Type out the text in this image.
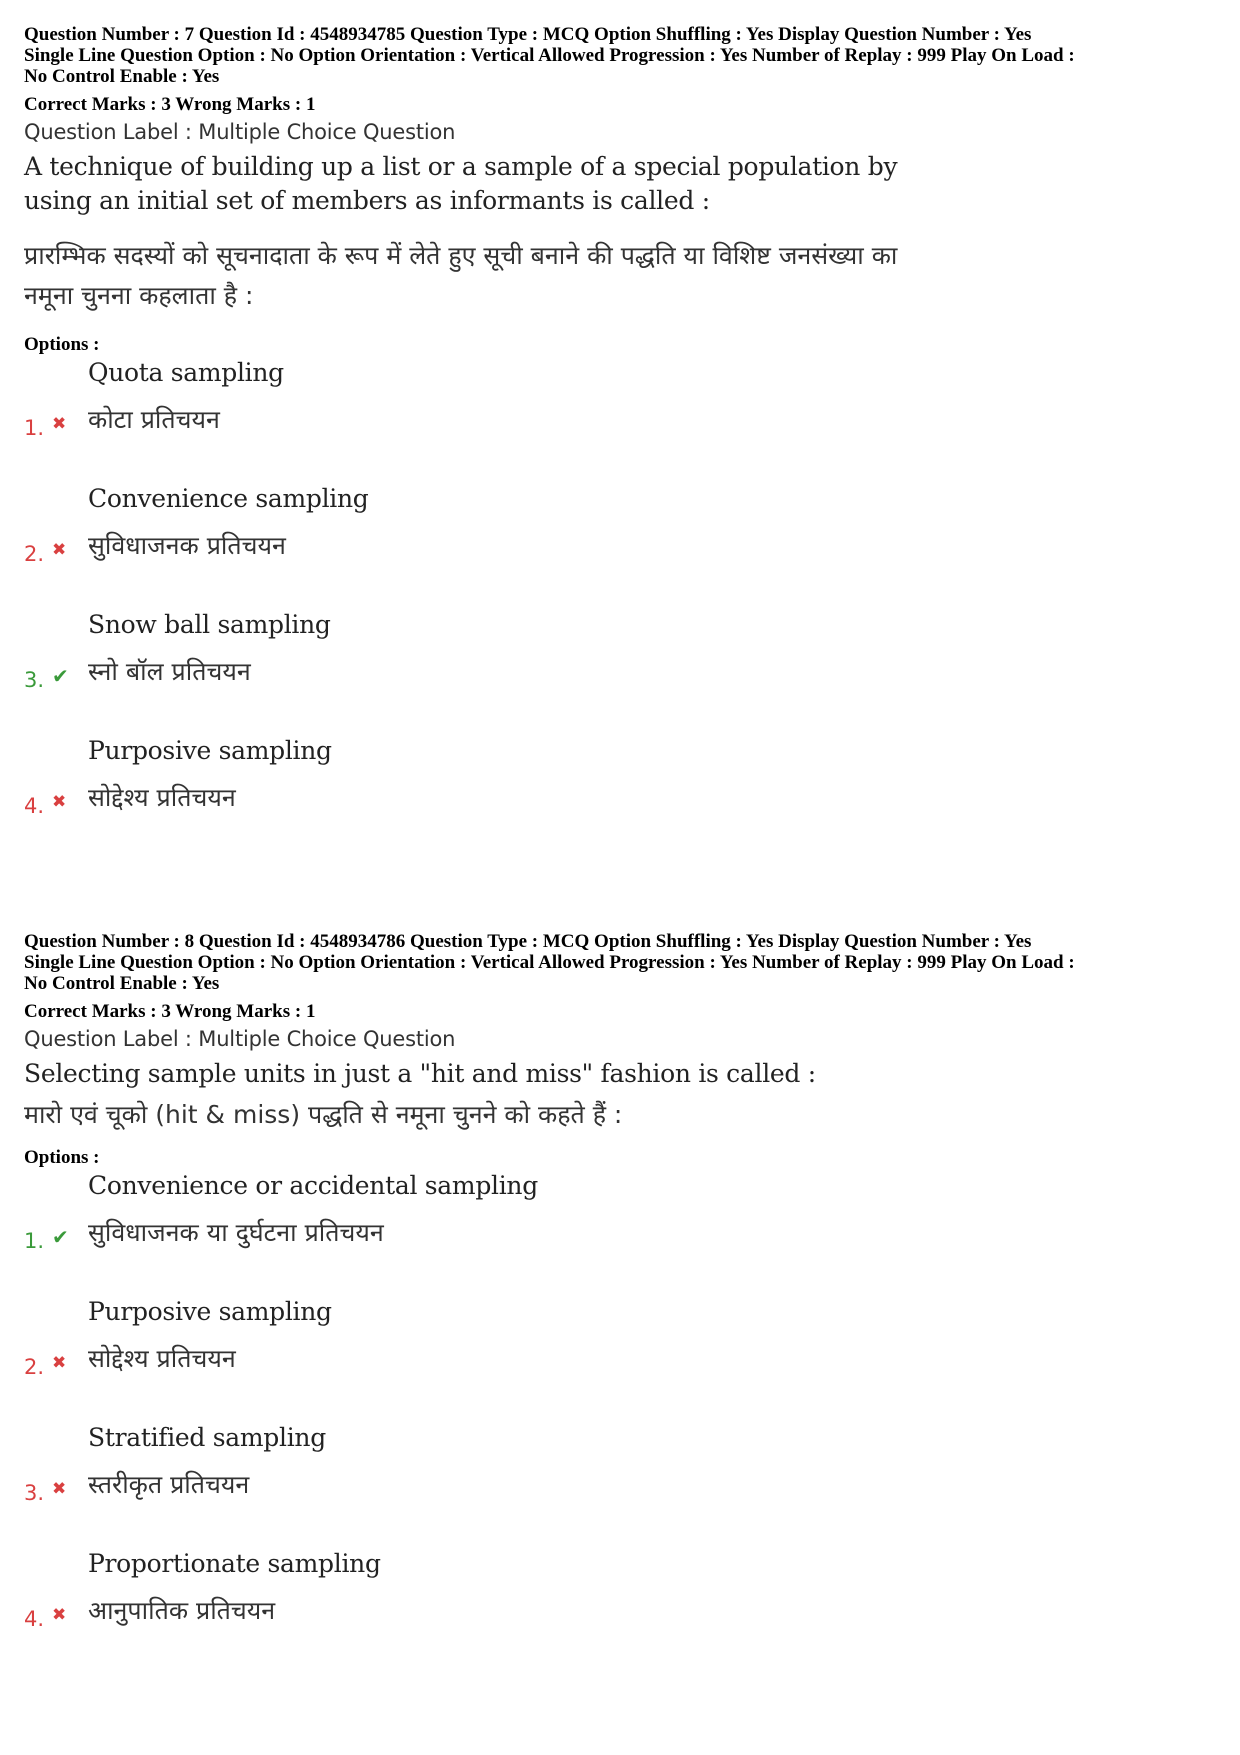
Question Number : 7 Question Id : 4548934785 Question Type : MCQ Option Shuffling : Yes Display Question Number : Yes
Single Line Question Option : No Option Orientation : Vertical Allowed Progression : Yes Number of Replay : 999 Play On Load :
No Control Enable : Yes
Correct Marks : 3 Wrong Marks : 1
Question Label : Multiple Choice Question
A technique of building up a list or a sample of a special population by using an initial set of members as informants is called :
प्रारम्भिक सदस्यों को सूचनादाता के रूप में लेते हुए सूची बनाने की पद्धति या विशिष्ट जनसंख्या का नमूना चुनना कहलाता है :
Options :
Quota sampling
कोटा प्रतिचयन
1. ✖
Convenience sampling
सुविधाजनक प्रतिचयन
2. ✖
Snow ball sampling
स्नो बॉल प्रतिचयन
3. ✔
Purposive sampling
सोद्देश्य प्रतिचयन
4. ✖
Question Number : 8 Question Id : 4548934786 Question Type : MCQ Option Shuffling : Yes Display Question Number : Yes
Single Line Question Option : No Option Orientation : Vertical Allowed Progression : Yes Number of Replay : 999 Play On Load :
No Control Enable : Yes
Correct Marks : 3 Wrong Marks : 1
Question Label : Multiple Choice Question
Selecting sample units in just a "hit and miss" fashion is called :
मारो एवं चूको (hit & miss) पद्धति से नमूना चुनने को कहते हैं :
Options :
Convenience or accidental sampling
सुविधाजनक या दुर्घटना प्रतिचयन
1. ✔
Purposive sampling
सोद्देश्य प्रतिचयन
2. ✖
Stratified sampling
स्तरीकृत प्रतिचयन
3. ✖
Proportionate sampling
आनुपातिक प्रतिचयन
4. ✖
